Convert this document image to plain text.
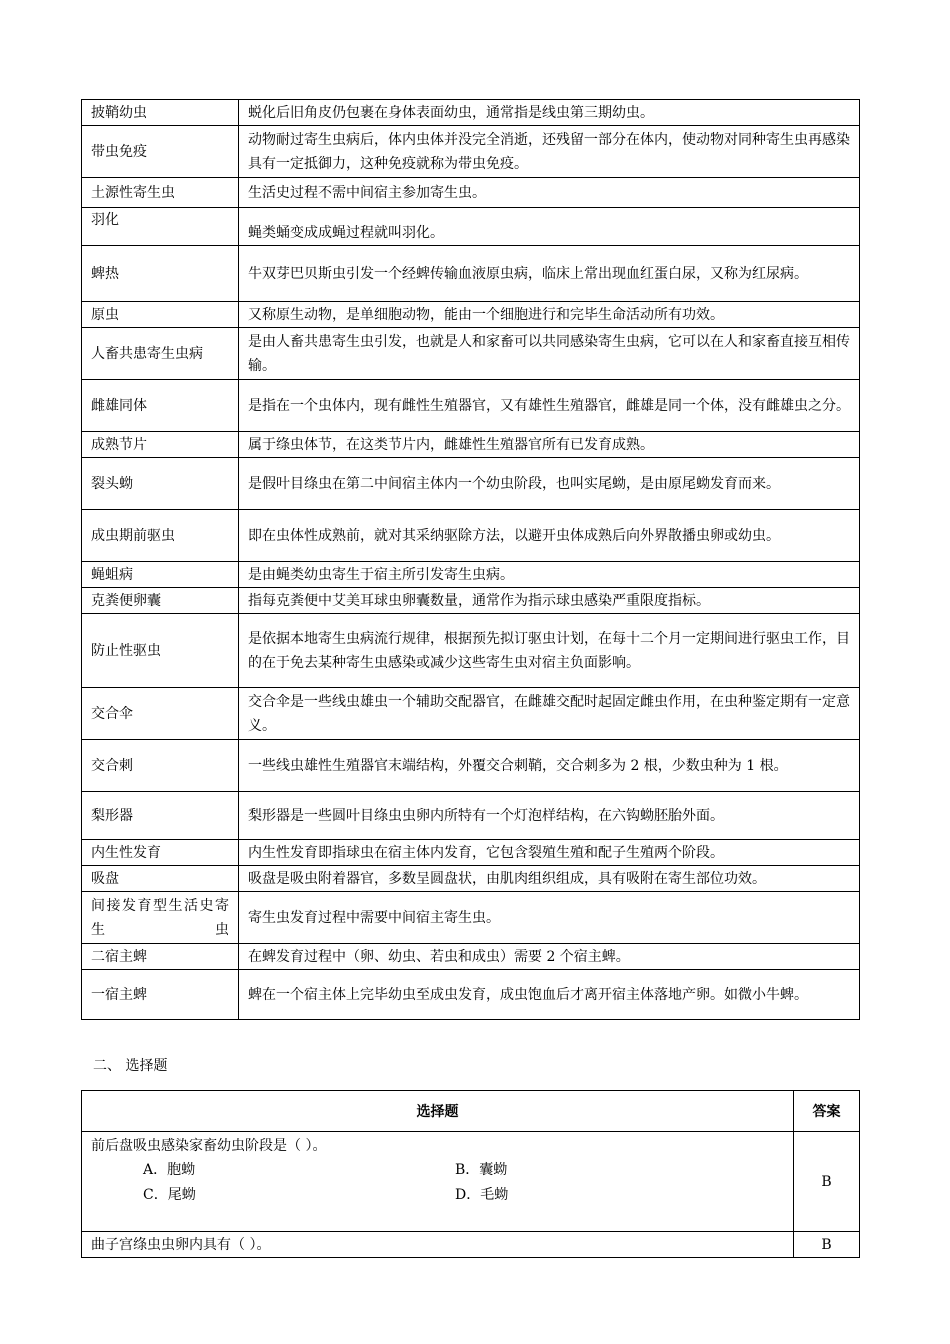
披鞘幼虫	蜕化后旧角皮仍包裹在身体表面幼虫，通常指是线虫第三期幼虫。
带虫免疫	动物耐过寄生虫病后，体内虫体并没完全消逝，还残留一部分在体内，使动物对同种寄生虫再感染具有一定抵御力，这种免疫就称为带虫免疫。
土源性寄生虫	生活史过程不需中间宿主参加寄生虫。
羽化	蝇类蛹变成成蝇过程就叫羽化。
蜱热	牛双芽巴贝斯虫引发一个经蜱传输血液原虫病，临床上常出现血红蛋白尿，又称为红尿病。
原虫	又称原生动物，是单细胞动物，能由一个细胞进行和完毕生命活动所有功效。
人畜共患寄生虫病	是由人畜共患寄生虫引发，也就是人和家畜可以共同感染寄生虫病，它可以在人和家畜直接互相传输。
雌雄同体	是指在一个虫体内，现有雌性生殖器官，又有雄性生殖器官，雌雄是同一个体，没有雌雄虫之分。
成熟节片	属于绦虫体节，在这类节片内，雌雄性生殖器官所有已发育成熟。
裂头蚴	是假叶目绦虫在第二中间宿主体内一个幼虫阶段，也叫实尾蚴，是由原尾蚴发育而来。
成虫期前驱虫	即在虫体性成熟前，就对其采纳驱除方法，以避开虫体成熟后向外界散播虫卵或幼虫。
蝇蛆病	是由蝇类幼虫寄生于宿主所引发寄生虫病。
克粪便卵囊	指每克粪便中艾美耳球虫卵囊数量，通常作为指示球虫感染严重限度指标。
防止性驱虫	是依据本地寄生虫病流行规律，根据预先拟订驱虫计划，在每十二个月一定期间进行驱虫工作，目的在于免去某种寄生虫感染或减少这些寄生虫对宿主负面影响。
交合伞	交合伞是一些线虫雄虫一个辅助交配器官，在雌雄交配时起固定雌虫作用，在虫种鉴定期有一定意义。
交合刺	一些线虫雄性生殖器官末端结构，外覆交合刺鞘，交合刺多为 2 根，少数虫种为 1 根。
梨形器	梨形器是一些圆叶目绦虫虫卵内所特有一个灯泡样结构，在六钩蚴胚胎外面。
内生性发育	内生性发育即指球虫在宿主体内发育，它包含裂殖生殖和配子生殖两个阶段。
吸盘	吸盘是吸虫附着器官，多数呈圆盘状，由肌肉组织组成，具有吸附在寄生部位功效。
间接发育型生活史寄生虫	寄生虫发育过程中需要中间宿主寄生虫。
二宿主蜱	在蜱发育过程中（卵、幼虫、若虫和成虫）需要 2 个宿主蜱。
一宿主蜱	蜱在一个宿主体上完毕幼虫至成虫发育，成虫饱血后才离开宿主体落地产卵。如微小牛蜱。
二、 选择题
选择题	答案

前后盘吸虫感染家畜幼虫阶段是（ ）。
A．胞蚴 B．囊蚴
C．尾蚴 D．毛蚴	B
曲子宫绦虫虫卵内具有（ ）。	B
